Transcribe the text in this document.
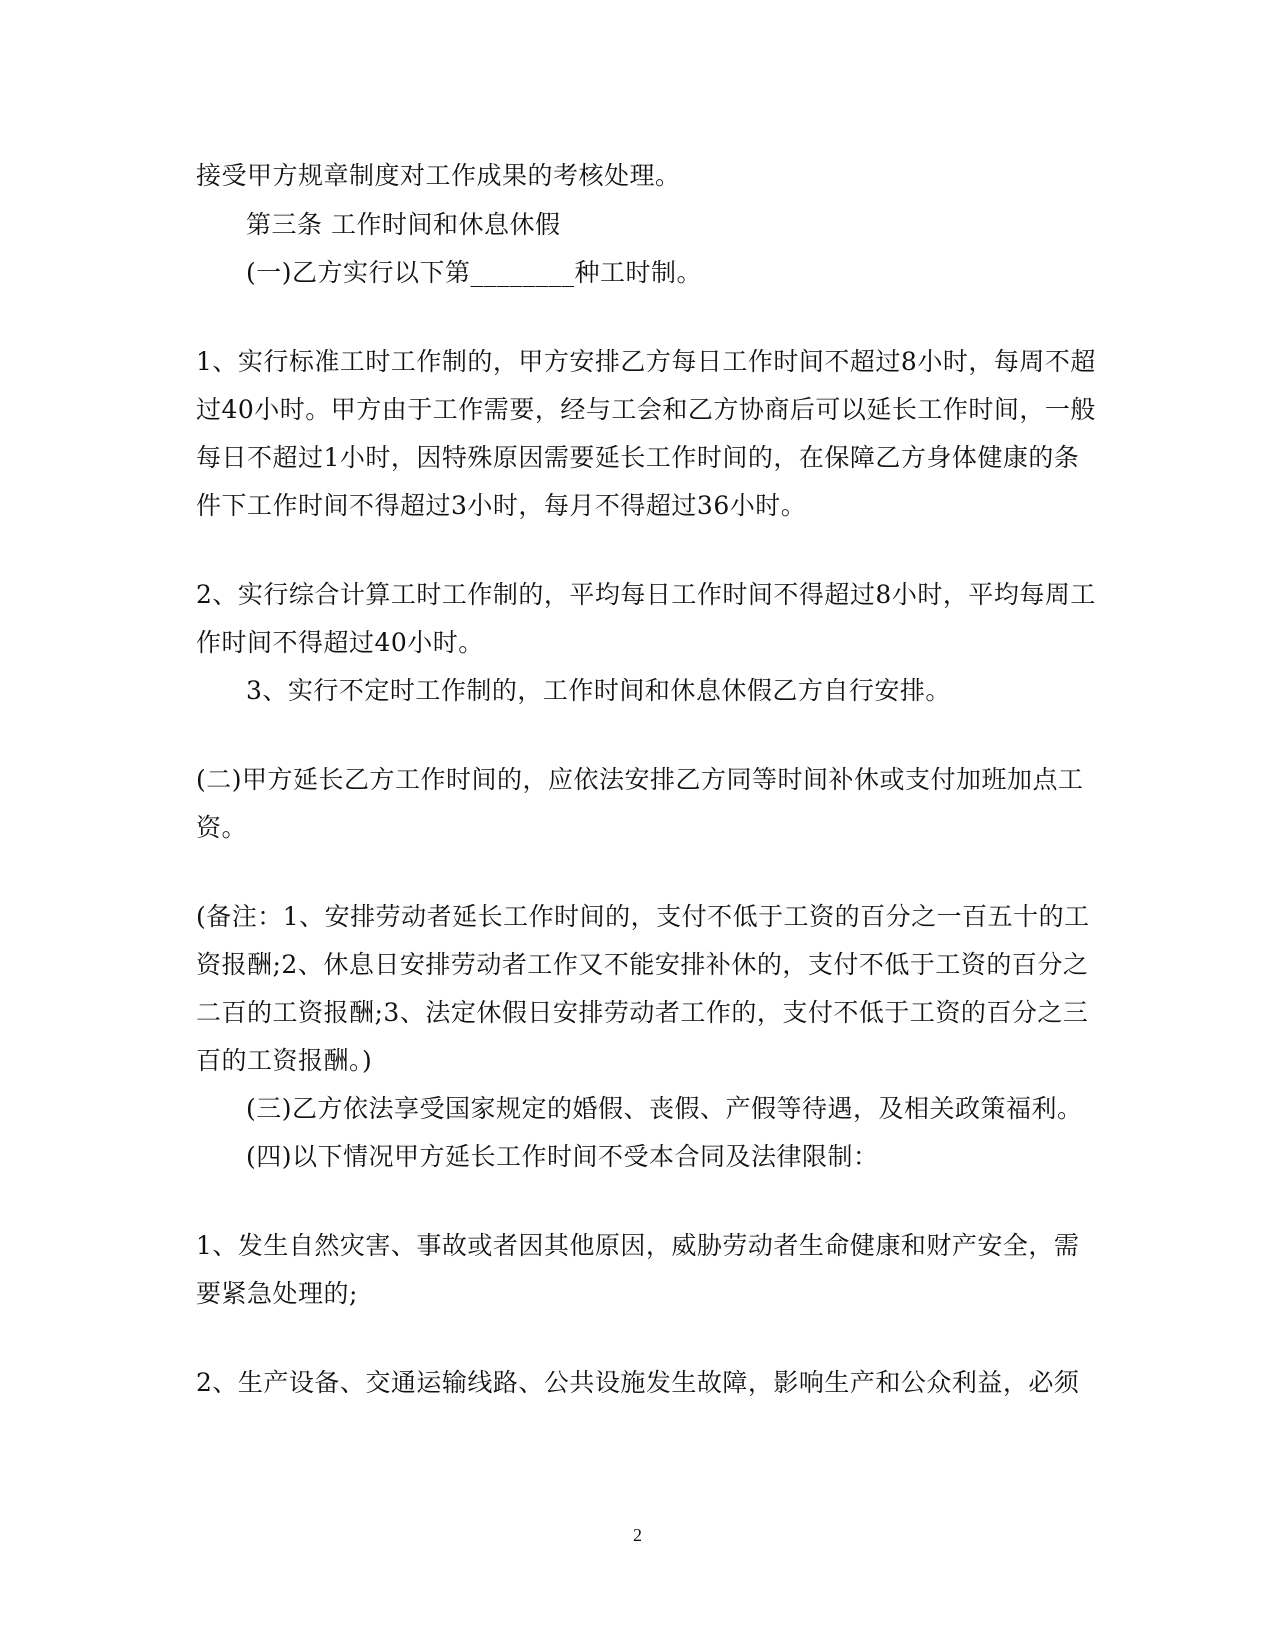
接受甲方规章制度对工作成果的考核处理。
第三条 工作时间和休息休假
(一)乙方实行以下第________种工时制。
1、实行标准工时工作制的，甲方安排乙方每日工作时间不超过8小时，每周不超
过40小时。甲方由于工作需要，经与工会和乙方协商后可以延长工作时间，一般
每日不超过1小时，因特殊原因需要延长工作时间的，在保障乙方身体健康的条
件下工作时间不得超过3小时，每月不得超过36小时。
2、实行综合计算工时工作制的，平均每日工作时间不得超过8小时，平均每周工
作时间不得超过40小时。
3、实行不定时工作制的，工作时间和休息休假乙方自行安排。
(二)甲方延长乙方工作时间的，应依法安排乙方同等时间补休或支付加班加点工
资。
(备注：1、安排劳动者延长工作时间的，支付不低于工资的百分之一百五十的工
资报酬;2、休息日安排劳动者工作又不能安排补休的，支付不低于工资的百分之
二百的工资报酬;3、法定休假日安排劳动者工作的，支付不低于工资的百分之三
百的工资报酬。)
(三)乙方依法享受国家规定的婚假、丧假、产假等待遇，及相关政策福利。
(四)以下情况甲方延长工作时间不受本合同及法律限制：
1、发生自然灾害、事故或者因其他原因，威胁劳动者生命健康和财产安全，需
要紧急处理的;
2、生产设备、交通运输线路、公共设施发生故障，影响生产和公众利益，必须
2
